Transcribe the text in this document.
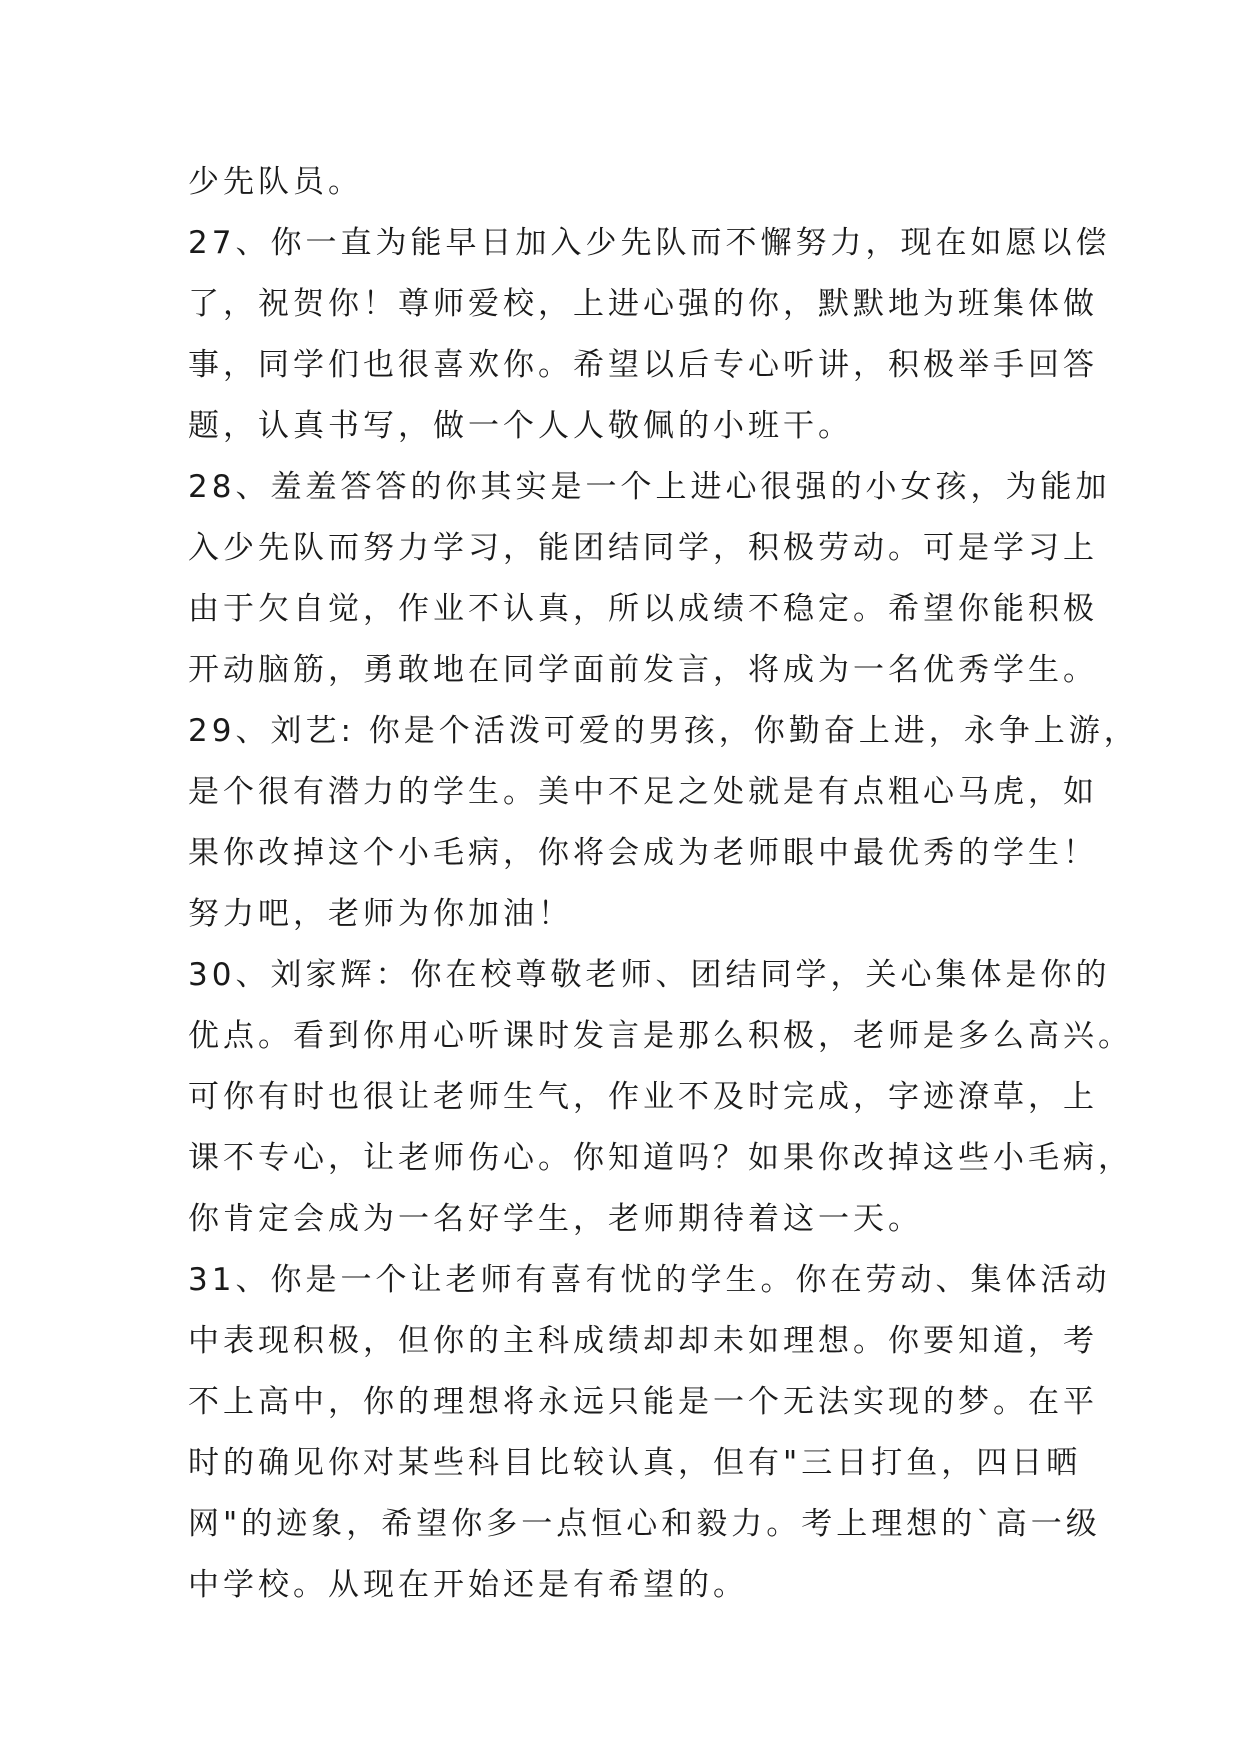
少先队员。
27、你一直为能早日加入少先队而不懈努力，现在如愿以偿
了，祝贺你！尊师爱校，上进心强的你，默默地为班集体做
事，同学们也很喜欢你。希望以后专心听讲，积极举手回答
题，认真书写，做一个人人敬佩的小班干。
28、羞羞答答的你其实是一个上进心很强的小女孩，为能加
入少先队而努力学习，能团结同学，积极劳动。可是学习上
由于欠自觉，作业不认真，所以成绩不稳定。希望你能积极
开动脑筋，勇敢地在同学面前发言，将成为一名优秀学生。
29、刘艺: 你是个活泼可爱的男孩，你勤奋上进，永争上游，
是个很有潜力的学生。美中不足之处就是有点粗心马虎，如
果你改掉这个小毛病，你将会成为老师眼中最优秀的学生！
努力吧，老师为你加油！
30、刘家辉：你在校尊敬老师、团结同学，关心集体是你的
优点。看到你用心听课时发言是那么积极，老师是多么高兴。
可你有时也很让老师生气，作业不及时完成，字迹潦草，上
课不专心，让老师伤心。你知道吗？如果你改掉这些小毛病，
你肯定会成为一名好学生，老师期待着这一天。
31、你是一个让老师有喜有忧的学生。你在劳动、集体活动
中表现积极，但你的主科成绩却却未如理想。你要知道，考
不上高中，你的理想将永远只能是一个无法实现的梦。在平
时的确见你对某些科目比较认真，但有"三日打鱼，四日晒
网"的迹象，希望你多一点恒心和毅力。考上理想的`高一级
中学校。从现在开始还是有希望的。
